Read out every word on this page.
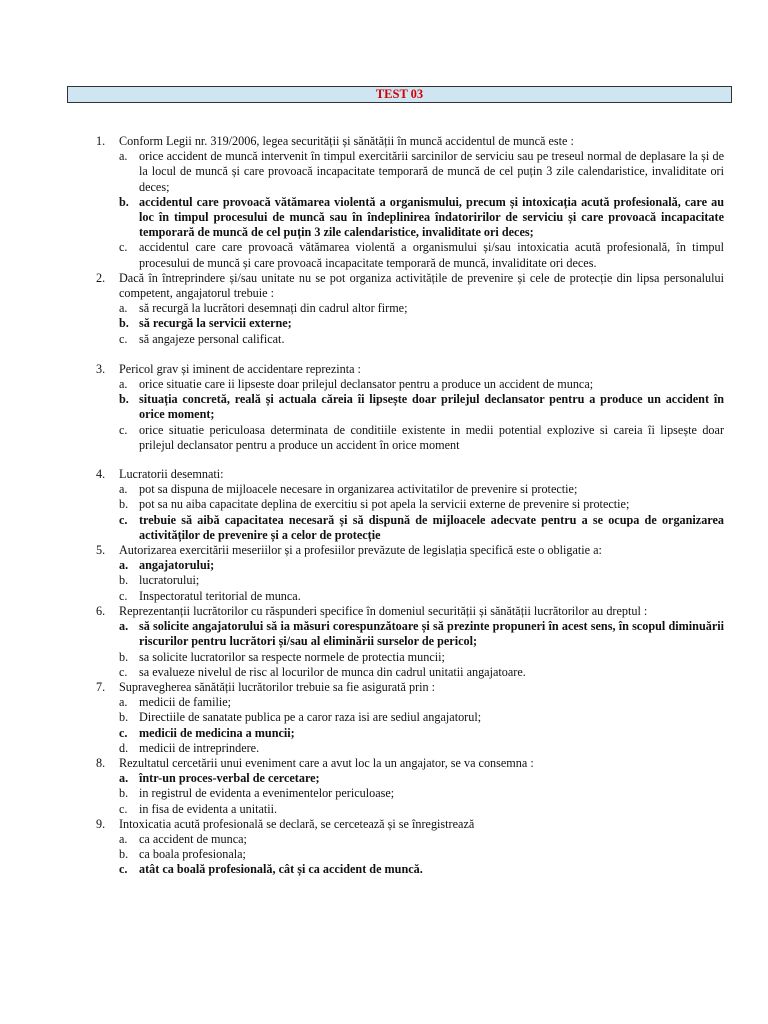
TEST 03
1. Conform Legii nr. 319/2006, legea securității și sănătății în muncă accidentul de muncă este :
a. orice accident de muncă intervenit în timpul exercitării sarcinilor de serviciu sau pe treseul normal de deplasare la și de la locul de muncă și care provoacă incapacitate temporară de muncă de cel puțin 3 zile calendaristice, invaliditate ori deces;
b. accidentul care provoacă vătămarea violentă a organismului, precum și intoxicația acută profesională, care au loc în timpul procesului de muncă sau în îndeplinirea îndatoririlor de serviciu și care provoacă incapacitate temporară de muncă de cel puțin 3 zile calendaristice, invaliditate ori deces;
c. accidentul care care provoacă vătămarea violentă a organismului și/sau intoxicatia acută profesională, în timpul procesului de muncă și care provoacă incapacitate temporară de muncă, invaliditate ori deces.
2. Dacă în întreprindere și/sau unitate nu se pot organiza activitățile de prevenire și cele de protecție din lipsa personalului competent, angajatorul trebuie :
a. să recurgă la lucrători desemnați din cadrul altor firme;
b. să recurgă la servicii externe;
c. să angajeze personal calificat.
3. Pericol grav și iminent de accidentare reprezinta :
a. orice situatie care ii lipseste doar prilejul declansator pentru a produce un accident de munca;
b. situația concretă, reală și actuala căreia îi lipsește doar prilejul declansator pentru a produce un accident în orice moment;
c. orice situatie periculoasa determinata de conditiile existente in medii potential explozive si careia îi lipsește doar prilejul declansator pentru a produce un accident în orice moment
4. Lucratorii desemnati:
a. pot sa dispuna de mijloacele necesare in organizarea activitatilor de prevenire si protectie;
b. pot sa nu aiba capacitate deplina de exercitiu si pot apela la servicii externe de prevenire si protectie;
c. trebuie să aibă capacitatea necesară și să dispună de mijloacele adecvate pentru a se ocupa de organizarea activităților de prevenire și a celor de protecție
5. Autorizarea exercitării meseriilor și a profesiilor prevăzute de legislația specifică este o obligatie a:
a. angajatorului;
b. lucratorului;
c. Inspectoratul teritorial de munca.
6. Reprezentanții lucrătorilor cu răspunderi specifice în domeniul securității și sănătății lucrătorilor au dreptul :
a. să solicite angajatorului să ia măsuri corespunzătoare și să prezinte propuneri în acest sens, în scopul diminuării riscurilor pentru lucrători și/sau al eliminării surselor de pericol;
b. sa solicite lucratorilor sa respecte normele de protectia muncii;
c. sa evalueze nivelul de risc al locurilor de munca din cadrul unitatii angajatoare.
7. Supravegherea sănătății lucrătorilor trebuie sa fie asigurată prin :
a. medicii de familie;
b. Directiile de sanatate publica pe a caror raza isi are sediul angajatorul;
c. medicii de medicina a muncii;
d. medicii de intreprindere.
8. Rezultatul cercetării unui eveniment care a avut loc la un angajator, se va consemna :
a. într-un proces-verbal de cercetare;
b. in registrul de evidenta a evenimentelor periculoase;
c. in fisa de evidenta a unitatii.
9. Intoxicatia acută profesională se declară, se cercetează și se înregistrează
a. ca accident de munca;
b. ca boala profesionala;
c. atât ca boală profesională, cât și ca accident de muncă.
